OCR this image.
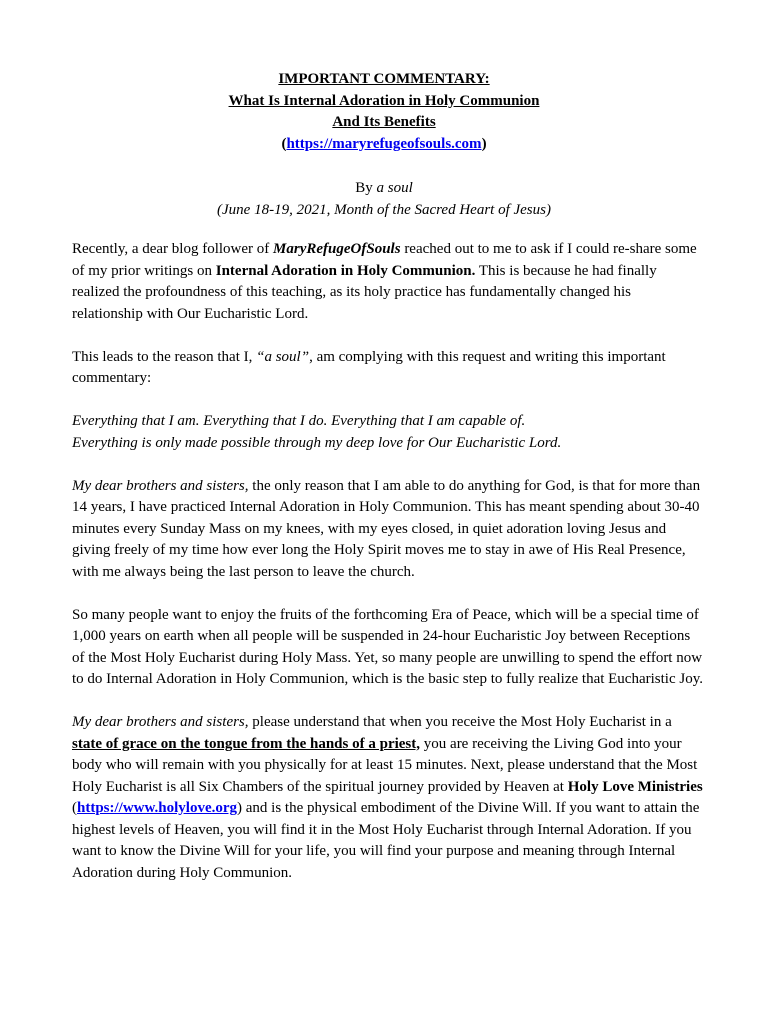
IMPORTANT COMMENTARY:
What Is Internal Adoration in Holy Communion
And Its Benefits
(https://maryrefugeofsouls.com)
By a soul
(June 18-19, 2021, Month of the Sacred Heart of Jesus)

Recently, a dear blog follower of MaryRefugeOfSouls reached out to me to ask if I could re-share some of my prior writings on Internal Adoration in Holy Communion. This is because he had finally realized the profoundness of this teaching, as its holy practice has fundamentally changed his relationship with Our Eucharistic Lord.

This leads to the reason that I, “a soul”, am complying with this request and writing this important commentary:

Everything that I am. Everything that I do. Everything that I am capable of.
Everything is only made possible through my deep love for Our Eucharistic Lord.

My dear brothers and sisters, the only reason that I am able to do anything for God, is that for more than 14 years, I have practiced Internal Adoration in Holy Communion. This has meant spending about 30-40 minutes every Sunday Mass on my knees, with my eyes closed, in quiet adoration loving Jesus and giving freely of my time how ever long the Holy Spirit moves me to stay in awe of His Real Presence, with me always being the last person to leave the church.

So many people want to enjoy the fruits of the forthcoming Era of Peace, which will be a special time of 1,000 years on earth when all people will be suspended in 24-hour Eucharistic Joy between Receptions of the Most Holy Eucharist during Holy Mass. Yet, so many people are unwilling to spend the effort now to do Internal Adoration in Holy Communion, which is the basic step to fully realize that Eucharistic Joy.

My dear brothers and sisters, please understand that when you receive the Most Holy Eucharist in a state of grace on the tongue from the hands of a priest, you are receiving the Living God into your body who will remain with you physically for at least 15 minutes. Next, please understand that the Most Holy Eucharist is all Six Chambers of the spiritual journey provided by Heaven at Holy Love Ministries (https://www.holylove.org) and is the physical embodiment of the Divine Will. If you want to attain the highest levels of Heaven, you will find it in the Most Holy Eucharist through Internal Adoration. If you want to know the Divine Will for your life, you will find your purpose and meaning through Internal Adoration during Holy Communion.
